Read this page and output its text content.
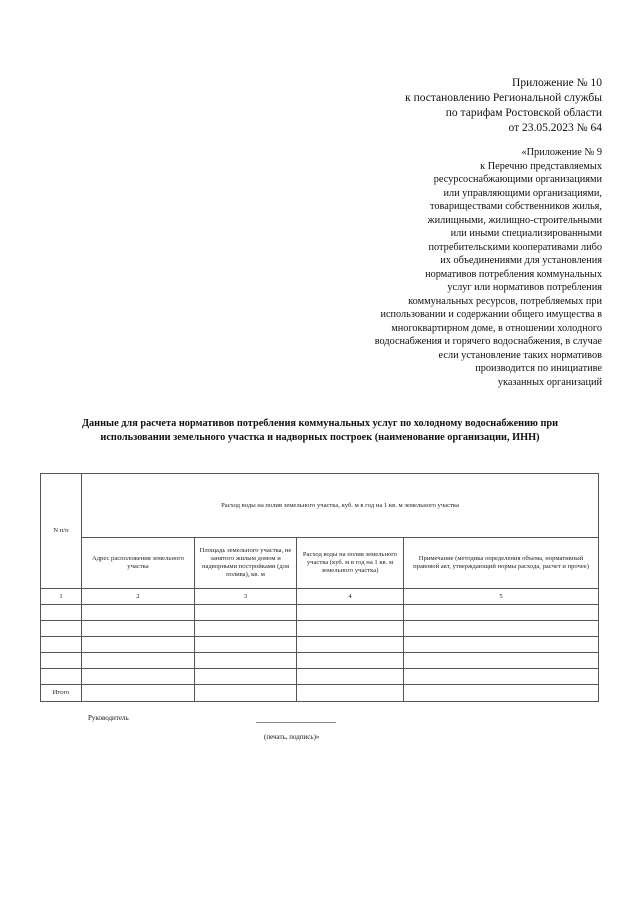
Приложение № 10
к постановлению Региональной службы
по тарифам Ростовской области
от 23.05.2023 № 64
«Приложение № 9
к Перечню представляемых
ресурсоснабжающими организациями
или управляющими организациями,
товариществами собственников жилья,
жилищными, жилищно-строительными
или иными специализированными
потребительскими кооперативами либо
их объединениями для установления
нормативов потребления коммунальных
услуг или нормативов потребления
коммунальных ресурсов, потребляемых при
использовании и содержании общего имущества в
многоквартирном доме, в отношении холодного
водоснабжения и горячего водоснабжения, в случае
если установление таких нормативов
производится по инициативе
указанных организаций
Данные для расчета нормативов потребления коммунальных услуг по холодному водоснабжению при
использовании земельного участка и надворных построек (наименование организации, ИНН)
N п/п	Расход воды на полив земельного участка, куб. м в год на 1 кв. м земельного участка			
	Адрес расположения земельного участка	Площадь земельного участка, не занятого жилым домом и надворными постройками (для полива), кв. м	Расход воды на полив земельного участка (куб. м в год на 1 кв. м земельного участка)	Примечание (методика определения объема, нормативный правовой акт, утверждающий нормы расхода, расчет и прочее)
1	2	3	4	5

Итого				
Руководитель
(печать, подпись)»
